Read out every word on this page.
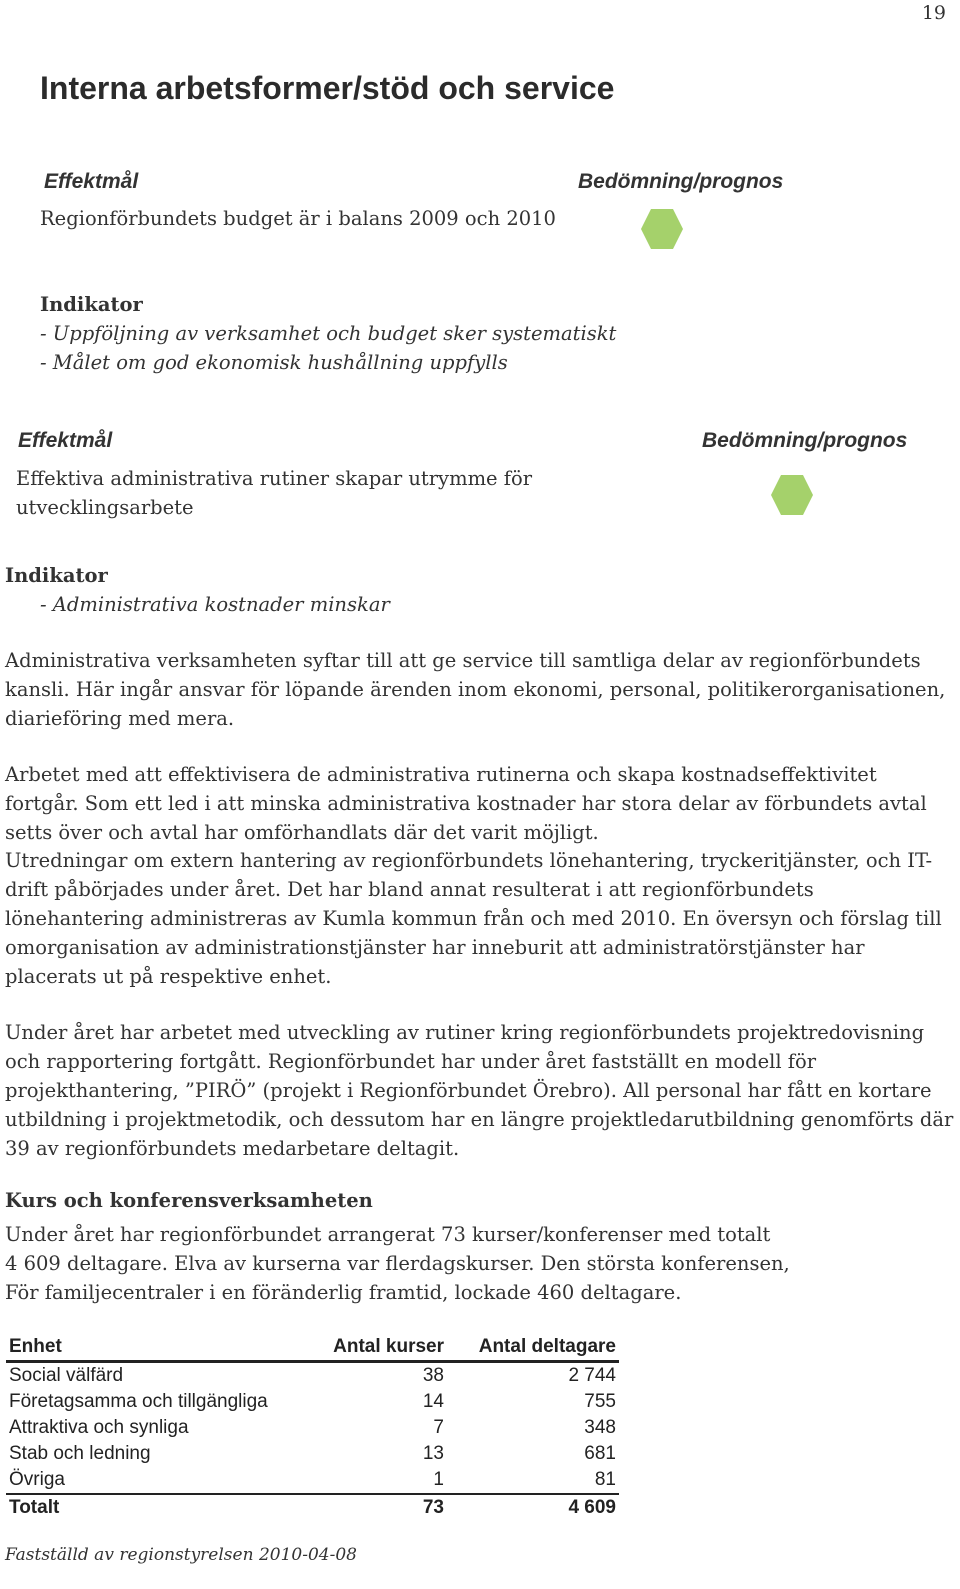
19
Interna arbetsformer/stöd och service
Effektmål	Bedömning/prognos
Regionförbundets budget är i balans 2009 och 2010
Indikator
- Uppföljning av verksamhet och budget sker systematiskt
- Målet om god ekonomisk hushållning uppfylls
Effektmål	Bedömning/prognos
Effektiva administrativa rutiner skapar utrymme för
utvecklingsarbete
Indikator
- Administrativa kostnader minskar

Administrativa verksamheten syftar till att ge service till samtliga delar av regionförbundets kansli. Här ingår ansvar för löpande ärenden inom ekonomi, personal, politikerorganisationen, diarieföring med mera.

Arbetet med att effektivisera de administrativa rutinerna och skapa kostnadseffektivitet fortgår. Som ett led i att minska administrativa kostnader har stora delar av förbundets avtal setts över och avtal har omförhandlats där det varit möjligt.

Utredningar om extern hantering av regionförbundets lönehantering, tryckeritjänster, och IT-drift påbörjades under året. Det har bland annat resulterat i att regionförbundets lönehantering administreras av Kumla kommun från och med 2010. En översyn och förslag till omorganisation av administrationstjänster har inneburit att administratörstjänster har placerats ut på respektive enhet.

Under året har arbetet med utveckling av rutiner kring regionförbundets projektredovisning och rapportering fortgått. Regionförbundet har under året fastställt en modell för projekthantering, ”PIRÖ” (projekt i Regionförbundet Örebro). All personal har fått en kortare utbildning i projektmetodik, och dessutom har en längre projektledarutbildning genomförts där 39 av regionförbundets medarbetare deltagit.

Kurs och konferensverksamheten
Under året har regionförbundet arrangerat 73 kurser/konferenser med totalt
4 609 deltagare. Elva av kurserna var flerdagskurser. Den största konferensen,
För familjecentraler i en föränderlig framtid, lockade 460 deltagare.
Enhet	Antal kurser	Antal deltagare
Social välfärd	38	2 744
Företagsamma och tillgängliga	14	755
Attraktiva och synliga	7	348
Stab och ledning	13	681
Övriga	1	81
Totalt	73	4 609
Fastställd av regionstyrelsen 2010-04-08
